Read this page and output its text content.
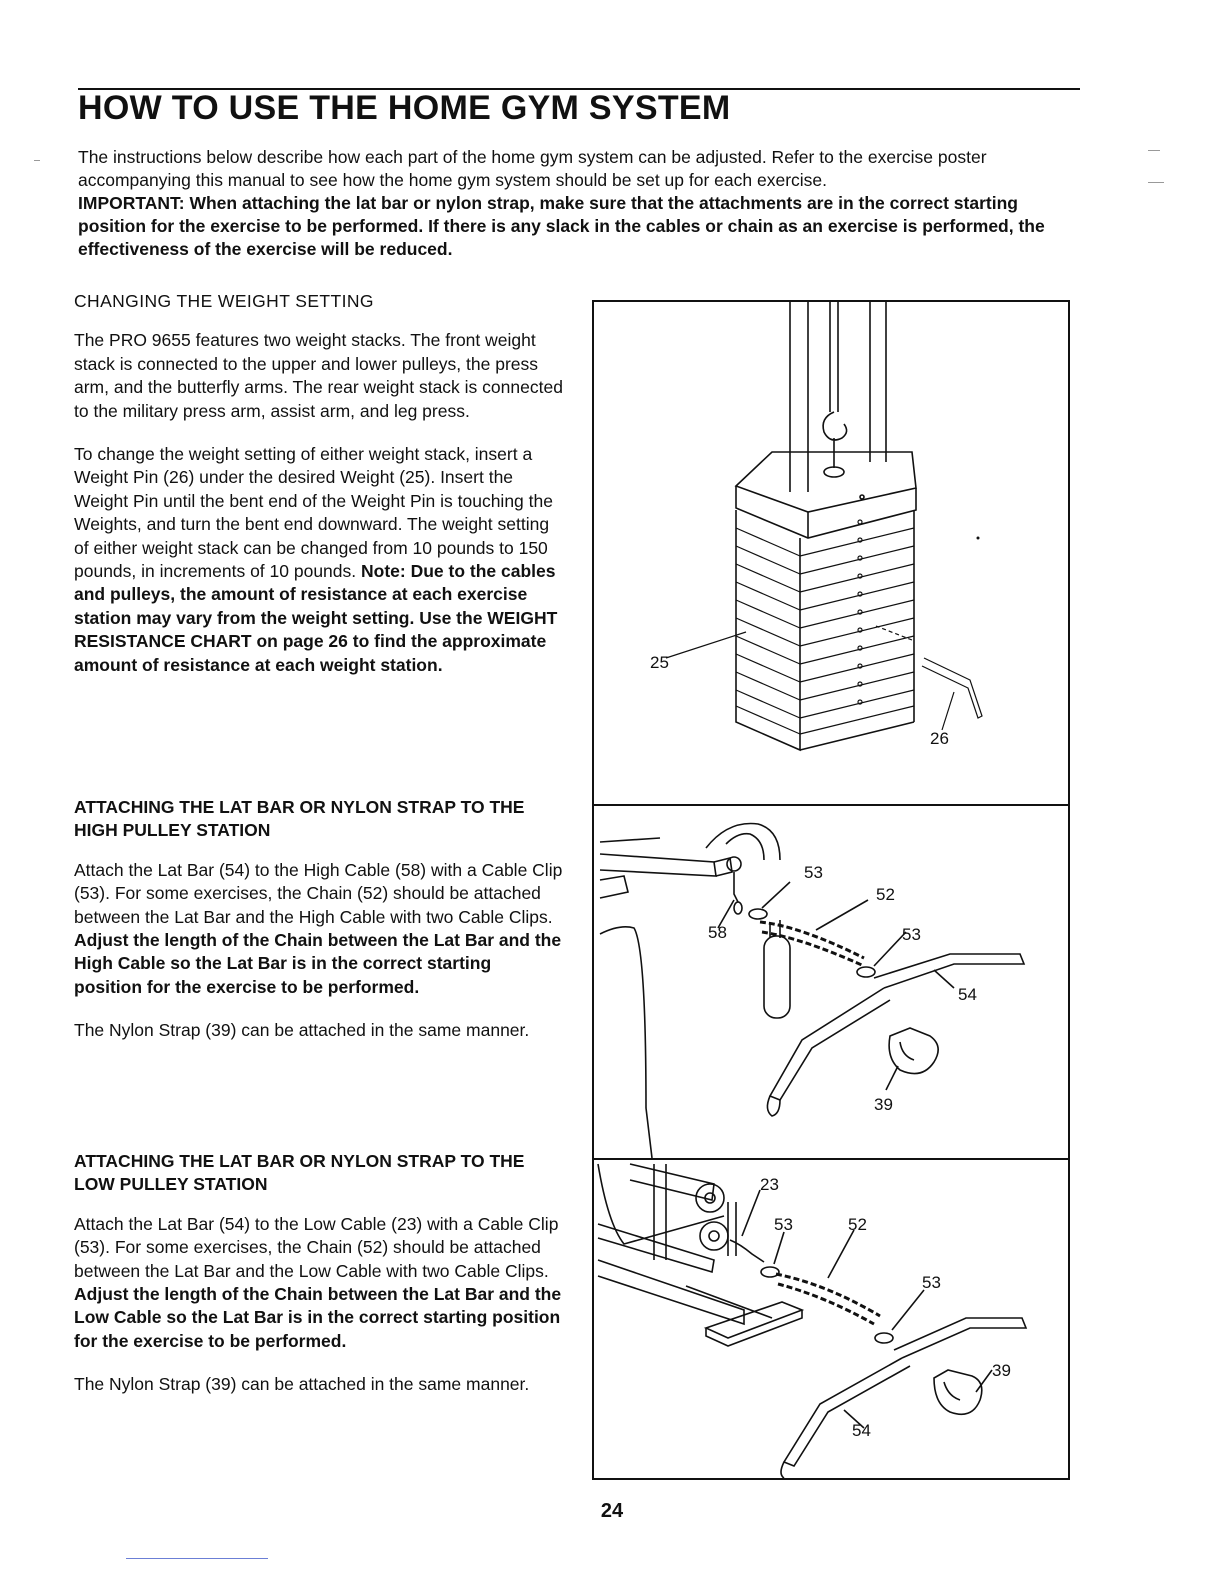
HOW TO USE THE HOME GYM SYSTEM

The instructions below describe how each part of the home gym system can be adjusted. Refer to the exercise poster accompanying this manual to see how the home gym system should be set up for each exercise.

IMPORTANT: When attaching the lat bar or nylon strap, make sure that the attachments are in the correct starting position for the exercise to be performed. If there is any slack in the cables or chain as an exercise is performed, the effectiveness of the exercise will be reduced.

CHANGING THE WEIGHT SETTING

The PRO 9655 features two weight stacks. The front weight stack is connected to the upper and lower pulleys, the press arm, and the butterfly arms. The rear weight stack is connected to the military press arm, assist arm, and leg press.

To change the weight setting of either weight stack, insert a Weight Pin (26) under the desired Weight (25). Insert the Weight Pin until the bent end of the Weight Pin is touching the Weights, and turn the bent end downward. The weight setting of either weight stack can be changed from 10 pounds to 150 pounds, in increments of 10 pounds. Note: Due to the cables and pulleys, the amount of resistance at each exercise station may vary from the weight setting. Use the WEIGHT RESISTANCE CHART on page 26 to find the approximate amount of resistance at each weight station.

ATTACHING THE LAT BAR OR NYLON STRAP TO THE HIGH PULLEY STATION

Attach the Lat Bar (54) to the High Cable (58) with a Cable Clip (53). For some exercises, the Chain (52) should be attached between the Lat Bar and the High Cable with two Cable Clips. Adjust the length of the Chain between the Lat Bar and the High Cable so the Lat Bar is in the correct starting position for the exercise to be performed.

The Nylon Strap (39) can be attached in the same manner.

ATTACHING THE LAT BAR OR NYLON STRAP TO THE LOW PULLEY STATION

Attach the Lat Bar (54) to the Low Cable (23) with a Cable Clip (53). For some exercises, the Chain (52) should be attached between the Lat Bar and the Low Cable with two Cable Clips. Adjust the length of the Chain between the Lat Bar and the Low Cable so the Lat Bar is in the correct starting position for the exercise to be performed.

The Nylon Strap (39) can be attached in the same manner.

25
26
53
52
53
58
54
39
23
53	52
53
39
54
24
